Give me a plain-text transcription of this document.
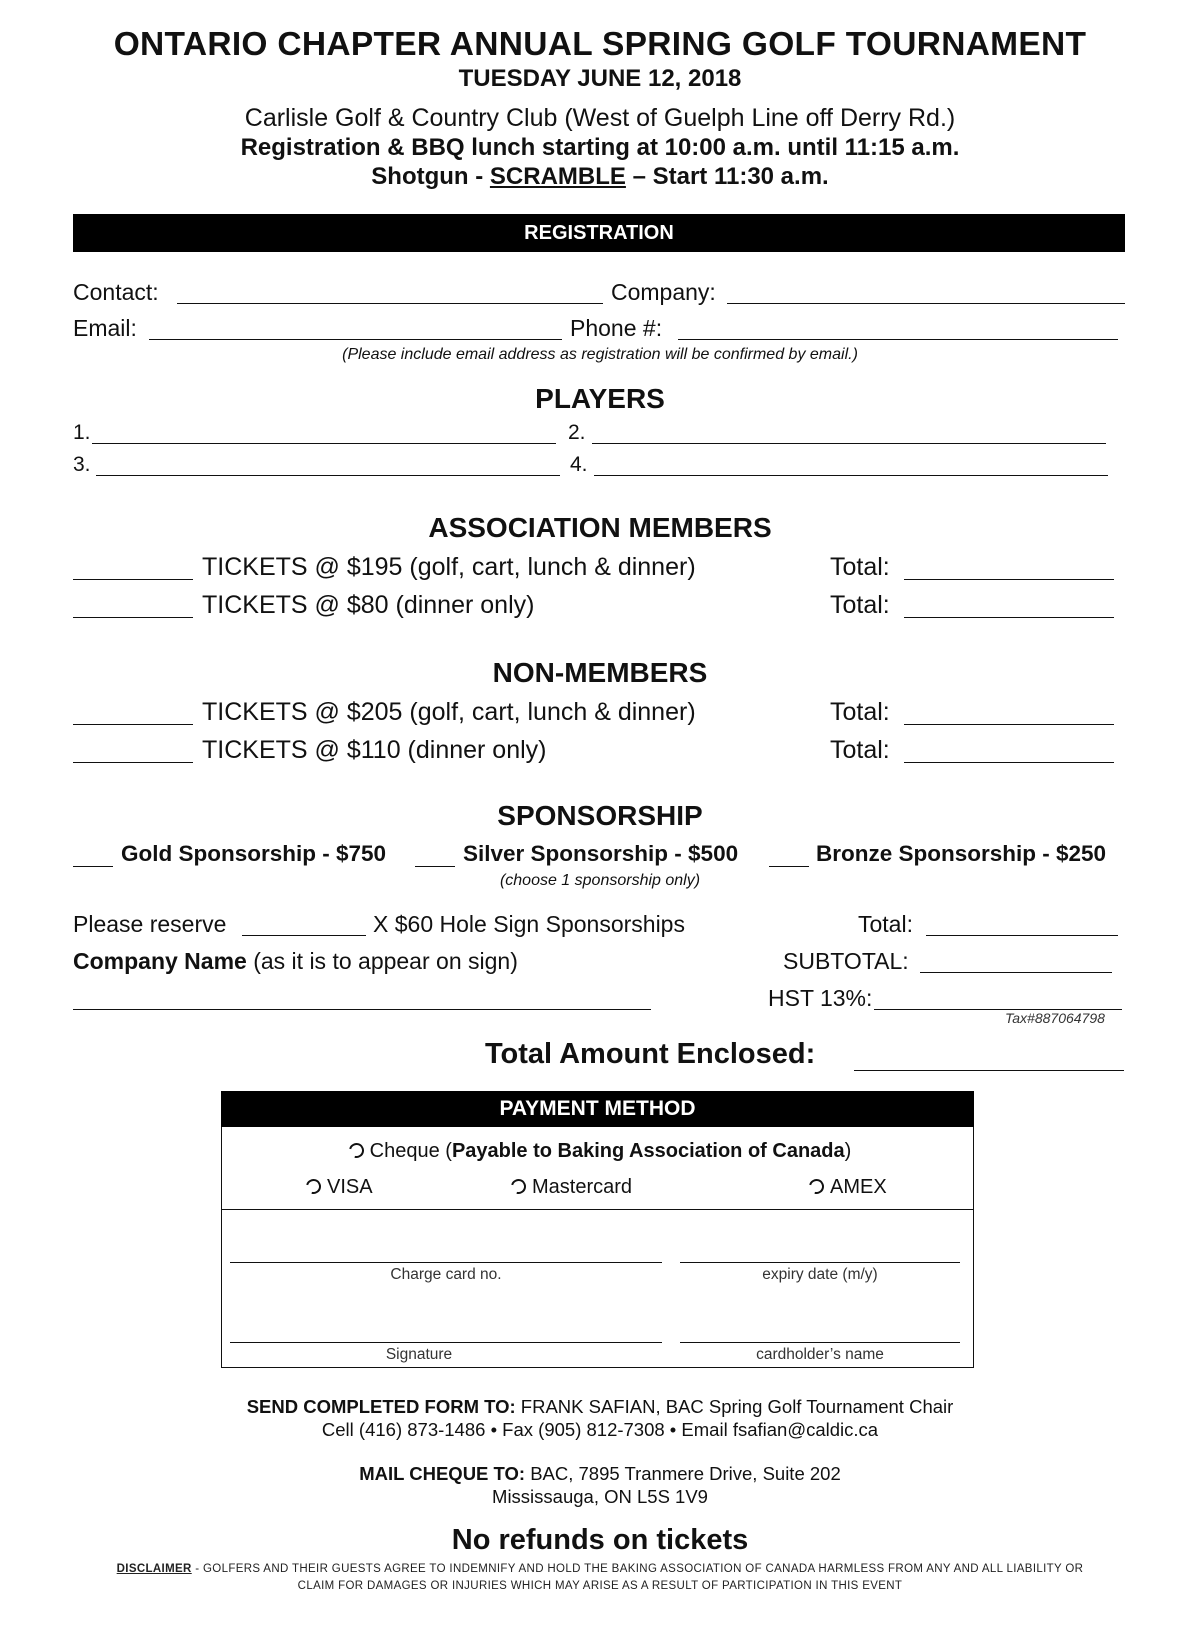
ONTARIO CHAPTER ANNUAL SPRING GOLF TOURNAMENT
TUESDAY JUNE 12, 2018
Carlisle Golf & Country Club (West of Guelph Line off Derry Rd.)
Registration & BBQ lunch starting at 10:00 a.m. until 11:15 a.m.
Shotgun - SCRAMBLE – Start 11:30 a.m.
REGISTRATION
Contact:	Company:
Email:	Phone #:
(Please include email address as registration will be confirmed by email.)
PLAYERS
1.	2.
3.	4.
ASSOCIATION MEMBERS
TICKETS @ $195 (golf, cart, lunch & dinner)	Total:
TICKETS @ $80 (dinner only)	Total:
NON-MEMBERS
TICKETS @ $205 (golf, cart, lunch & dinner)	Total:
TICKETS @ $110 (dinner only)	Total:
SPONSORSHIP
Gold Sponsorship - $750	Silver Sponsorship - $500	Bronze Sponsorship - $250
(choose 1 sponsorship only)
Please reserve	X $60 Hole Sign Sponsorships	Total:
Company Name (as it is to appear on sign)	SUBTOTAL:
HST 13%:
Tax#887064798
Total Amount Enclosed:
PAYMENT METHOD
Cheque (Payable to Baking Association of Canada)
VISA	Mastercard	AMEX
Charge card no.	expiry date (m/y)
Signature	cardholder’s name
SEND COMPLETED FORM TO: FRANK SAFIAN, BAC Spring Golf Tournament Chair
Cell (416) 873-1486 • Fax (905) 812-7308 • Email fsafian@caldic.ca
MAIL CHEQUE TO: BAC, 7895 Tranmere Drive, Suite 202
Mississauga, ON L5S 1V9
No refunds on tickets
DISCLAIMER - GOLFERS AND THEIR GUESTS AGREE TO INDEMNIFY AND HOLD THE BAKING ASSOCIATION OF CANADA HARMLESS FROM ANY AND ALL LIABILITY OR
CLAIM FOR DAMAGES OR INJURIES WHICH MAY ARISE AS A RESULT OF PARTICIPATION IN THIS EVENT
